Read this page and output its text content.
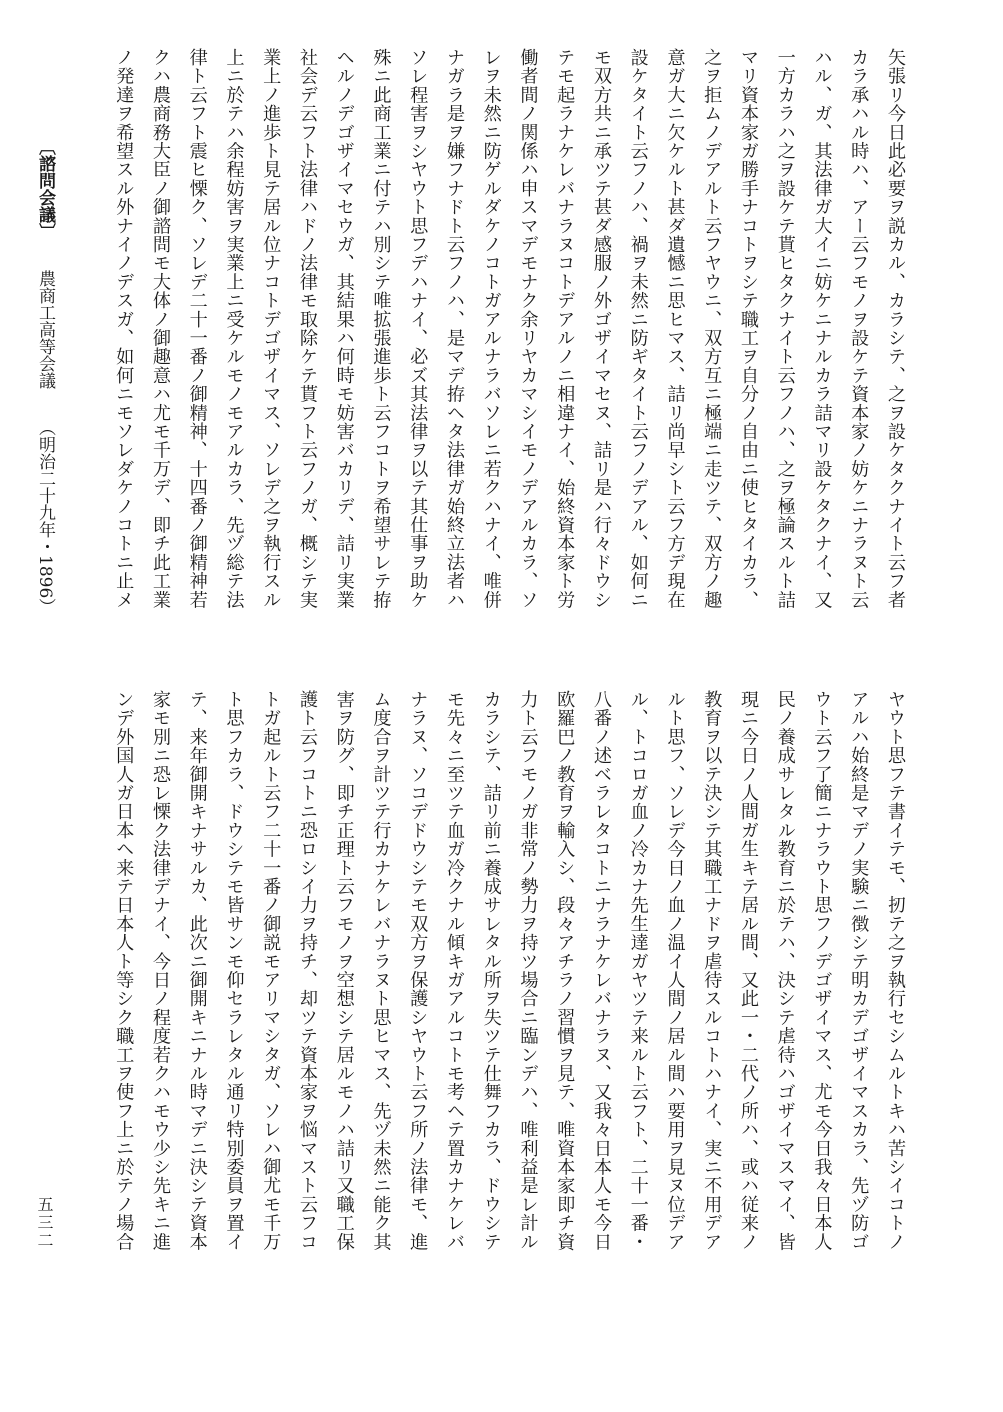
矢張リ今日此必要ヲ説カル、カラシテ、之ヲ設ケタクナイト云フ者
カラ承ハル時ハ、アー云フモノヲ設ケテ資本家ノ妨ケニナラヌト云
ハル、ガ、其法律ガ大イニ妨ケニナルカラ詰マリ設ケタクナイ、又
一方カラハ之ヲ設ケテ貰ヒタクナイト云フノハ、之ヲ極論スルト詰
マリ資本家ガ勝手ナコトヲシテ職工ヲ自分ノ自由ニ使ヒタイカラ、
之ヲ拒ムノデアルト云フヤウニ、双方互ニ極端ニ走ツテ、双方ノ趣
意ガ大ニ欠ケルト甚ダ遺憾ニ思ヒマス、詰リ尚早シト云フ方デ現在
設ケタイト云フノハ、禍ヲ未然ニ防ギタイト云フノデアル、如何ニ
モ双方共ニ承ツテ甚ダ感服ノ外ゴザイマセヌ、詰リ是ハ行々ドウシ
テモ起ラナケレバナラヌコトデアルノニ相違ナイ、始終資本家ト労
働者間ノ関係ハ申スマデモナク余リヤカマシイモノデアルカラ、ソ
レヲ未然ニ防ゲルダケノコトガアルナラバソレニ若クハナイ、唯併
ナガラ是ヲ嫌フナドト云フノハ、是マデ拵ヘタ法律ガ始終立法者ハ
ソレ程害ヲシヤウト思フデハナイ、必ズ其法律ヲ以テ其仕事ヲ助ケ
殊ニ此商工業ニ付テハ別シテ唯拡張進歩ト云フコトヲ希望サレテ拵
ヘルノデゴザイマセウガ、其結果ハ何時モ妨害バカリデ、詰リ実業
社会デ云フト法律ハドノ法律モ取除ケテ貰フト云フノガ、概シテ実
業上ノ進歩ト見テ居ル位ナコトデゴザイマス、ソレデ之ヲ執行スル
上ニ於テハ余程妨害ヲ実業上ニ受ケルモノモアルカラ、先ヅ総テ法
律ト云フト震ヒ慄ク、ソレデ二十一番ノ御精神、十四番ノ御精神若
クハ農商務大臣ノ御諮問モ大体ノ御趣意ハ尤モ千万デ、即チ此工業
ノ発達ヲ希望スル外ナイノデスガ、如何ニモソレダケノコトニ止メ
ヤウト思フテ書イテモ、扨テ之ヲ執行セシムルトキハ苦シイコトノ
アルハ始終是マデノ実験ニ徴シテ明カデゴザイマスカラ、先ヅ防ゴ
ウト云フ了簡ニナラウト思フノデゴザイマス、尤モ今日我々日本人
民ノ養成サレタル教育ニ於テハ、決シテ虐待ハゴザイマスマイ、皆
現ニ今日ノ人間ガ生キテ居ル間、又此一・二代ノ所ハ、或ハ従来ノ
教育ヲ以テ決シテ其職工ナドヲ虐待スルコトハナイ、実ニ不用デア
ルト思フ、ソレデ今日ノ血ノ温イ人間ノ居ル間ハ要用ヲ見ヌ位デア
ル、トコロガ血ノ冷カナ先生達ガヤツテ来ルト云フト、二十一番・
八番ノ述ベラレタコトニナラナケレバナラヌ、又我々日本人モ今日
欧羅巴ノ教育ヲ輸入シ、段々アチラノ習慣ヲ見テ、唯資本家即チ資
力ト云フモノガ非常ノ勢力ヲ持ツ場合ニ臨ンデハ、唯利益是レ計ル
カラシテ、詰リ前ニ養成サレタル所ヲ失ツテ仕舞フカラ、ドウシテ
モ先々ニ至ツテ血ガ冷クナル傾キガアルコトモ考ヘテ置カナケレバ
ナラヌ、ソコデドウシテモ双方ヲ保護シヤウト云フ所ノ法律モ、進
ム度合ヲ計ツテ行カナケレバナラヌト思ヒマス、先ヅ未然ニ能ク其
害ヲ防グ、即チ正理ト云フモノヲ空想シテ居ルモノハ詰リ又職工保
護ト云フコトニ恐ロシイ力ヲ持チ、却ツテ資本家ヲ悩マスト云フコ
トガ起ルト云フ二十一番ノ御説モアリマシタガ、ソレハ御尤モ千万
ト思フカラ、ドウシテモ皆サンモ仰セラレタル通リ特別委員ヲ置イ
テ、来年御開キナサルカ、此次ニ御開キニナル時マデニ決シテ資本
家モ別ニ恐レ慄ク法律デナイ、今日ノ程度若クハモウ少シ先キニ進
ンデ外国人ガ日本ヘ来テ日本人ト等シク職工ヲ使フ上ニ於テノ場合
〔諮問会議〕
農商工高等会議
（明治二十九年・1896）
五三二
